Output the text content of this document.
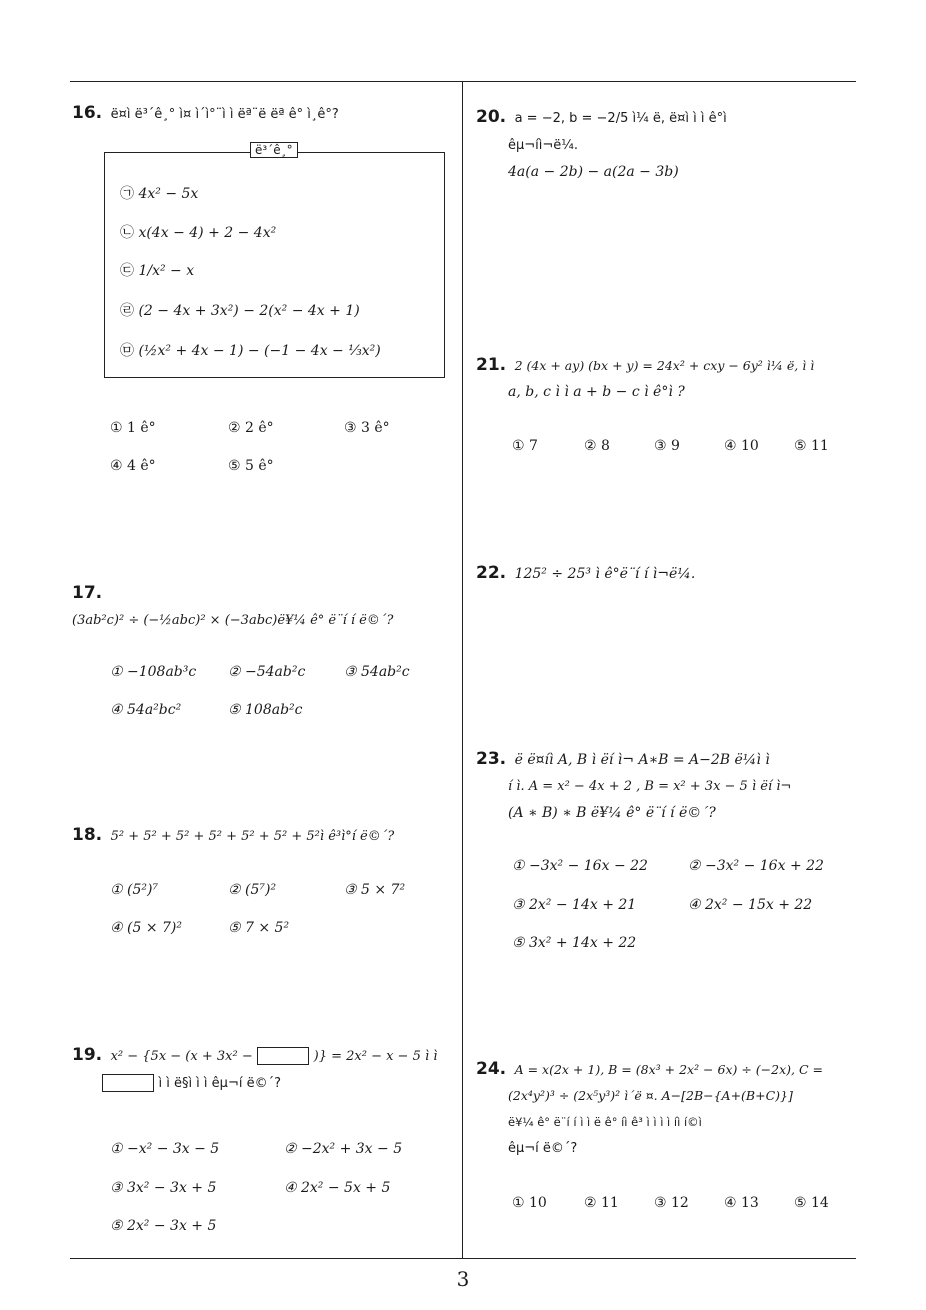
16. ë¤ì ë³´ê¸° ì¤ ì´ì°¨ì ì ëª¨ë ëª ê° ì¸ê°?
ë³´ê¸°
㉠ 4x² − 5x
㉡ x(4x − 4) + 2 − 4x²
㉢ 1/x² − x
㉣ (2 − 4x + 3x²) − 2(x² − 4x + 1)
㉤ (½x² + 4x − 1) − (−1 − 4x − ⅓x²)
① 1 ê°	② 2 ê°	③ 3 ê°
④ 4 ê°	⑤ 5 ê°
17.
(3ab²c)² ÷ (−½abc)² × (−3abc)ë¥¼ ê° ë¨í í ë©´?
① −108ab³c ② −54ab²c	③ 54ab²c
④ 54a²bc²	⑤ 108ab²c
18. 5² + 5² + 5² + 5² + 5² + 5² + 5²ì ê³ì°í ë©´?
① (5²)⁷	② (5⁷)²	③ 5 × 7²
④ (5 × 7)²	⑤ 7 × 5²
19. x² − {5x − (x + 3x² −	)} = 2x² − x − 5 ì ì
ì ì ë§ì ì ì êµ¬í ë©´?
① −x² − 3x − 5	② −2x² + 3x − 5
③ 3x² − 3x + 5	④ 2x² − 5x + 5
⑤ 2x² − 3x + 5
20. a = −2, b = −2/5 ì¼ ë, ë¤ì ì ì ê°ì
êµ¬íì¬ë¼.
4a(a − 2b) − a(2a − 3b)
21. 2 (4x + ay) (bx + y) = 24x² + cxy − 6y² ì¼ ë, ì ì
a, b, c ì ì a + b − c ì ê°ì ?
① 7	② 8	③ 9	④ 10	⑤ 11
22. 125² ÷ 25³ ì ê°ë¨í í ì¬ë¼.
23. ë ë¤íì A, B ì ëí ì¬ A∗B = A−2B ë¼ì ì
í ì. A = x² − 4x + 2 , B = x² + 3x − 5 ì ëí ì¬
(A ∗ B) ∗ B ë¥¼ ê° ë¨í í ë©´?
① −3x² − 16x − 22	② −3x² − 16x + 22
③ 2x² − 14x + 21	④ 2x² − 15x + 22
⑤ 3x² + 14x + 22
24. A = x(2x + 1), B = (8x³ + 2x² − 6x) ÷ (−2x), C =
(2x⁴y²)³ ÷ (2x⁵y³)² ì´ë ¤. A−[2B−{A+(B+C)}]
ë¥¼ ê° ë¨í í ì ì ë ê° íì ê³ ì ì ì ì íì í©ì
êµ¬í ë©´?
① 10	② 11	③ 12	④ 13	⑤ 14
3
